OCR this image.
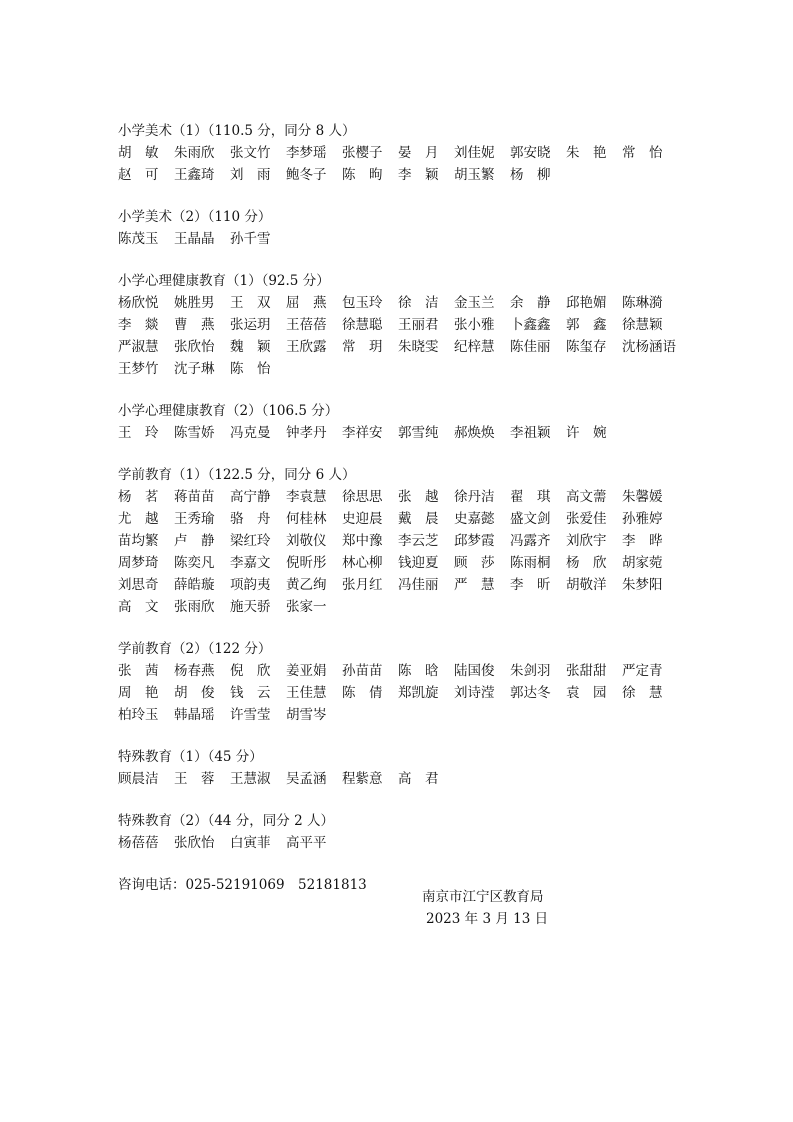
小学美术（1）（110.5 分，同分 8 人）
胡　敏	朱雨欣	张文竹	李梦瑶	张樱子	晏　月	刘佳妮	郭安晓	朱　艳	常　怡
赵　可	王鑫琦	刘　雨	鲍冬子	陈　昫	李　颖	胡玉繁	杨　柳
小学美术（2）（110 分）
陈茂玉	王晶晶	孙千雪
小学心理健康教育（1）（92.5 分）
杨欣悦	姚胜男	王　双	屈　燕	包玉玲	徐　洁	金玉兰	余　静	邱艳媚	陈琳漪
李　燚	曹　燕	张运玥	王蓓蓓	徐慧聪	王丽君	张小雅	卜鑫鑫	郭　鑫	徐慧颖
严淑慧	张欣怡	魏　颖	王欣露	常　玥	朱晓雯	纪梓慧	陈佳丽	陈玺存	沈杨涵语
王梦竹	沈子琳	陈　怡
小学心理健康教育（2）（106.5 分）
王　玲	陈雪娇	冯克曼	钟孝丹	李祥安	郭雪纯	郝焕焕	李祖颖	许　婉
学前教育（1）（122.5 分，同分 6 人）
杨　茗	蒋苗苗	高宁静	李袁慧	徐思思	张　越	徐丹洁	翟　琪	高文薷	朱馨媛
尤　越	王秀瑜	骆　舟	何桂林	史迎晨	戴　晨	史嘉懿	盛文剑	张爱佳	孙雅婷
苗均繁	卢　静	梁红玲	刘敬仪	郑中豫	李云芝	邱梦霞	冯露齐	刘欣宇	李　晔
周梦琦	陈奕凡	李嘉文	倪昕彤	林心柳	钱迎夏	顾　莎	陈雨桐	杨　欣	胡家菀
刘思奇	薛皓璇	项韵夷	黄乙绚	张月红	冯佳丽	严　慧	李　昕	胡敬洋	朱梦阳
高　文	张雨欣	施天骄	张家一
学前教育（2）（122 分）
张　茜	杨春燕	倪　欣	姜亚娟	孙苗苗	陈　晗	陆国俊	朱剑羽	张甜甜	严定青
周　艳	胡　俊	钱　云	王佳慧	陈　倩	郑凯旋	刘诗滢	郭达冬	袁　园	徐　慧
柏玲玉	韩晶瑶	许雪莹	胡雪岑
特殊教育（1）（45 分）
顾晨洁	王　蓉	王慧淑	吴孟涵	程紫意	高　君
特殊教育（2）（44 分，同分 2 人）
杨蓓蓓	张欣怡	白寅菲	高平平
咨询电话：025-52191069　52181813
南京市江宁区教育局
2023 年 3 月 13 日
